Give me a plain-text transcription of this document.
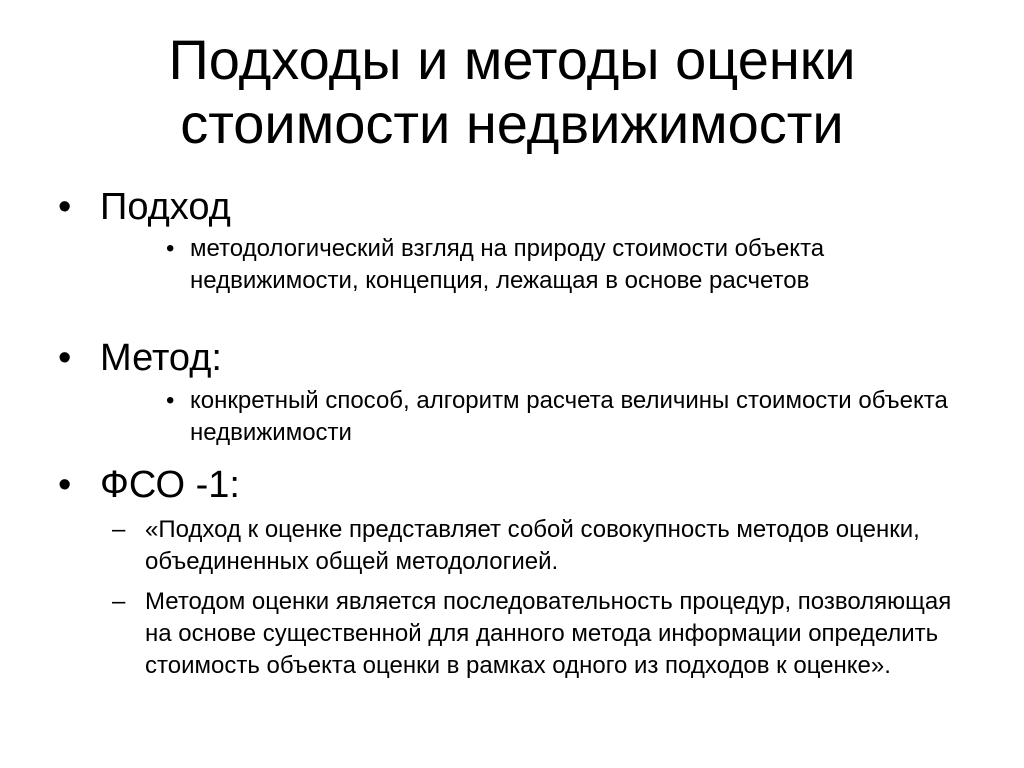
Подходы и методы оценки
стоимости недвижимости
• Подход
• методологический взгляд на природу стоимости объекта недвижимости, концепция, лежащая в основе расчетов
• Метод:
• конкретный способ, алгоритм расчета величины стоимости объекта недвижимости
• ФСО -1:
– «Подход к оценке представляет собой совокупность методов оценки, объединенных общей методологией.
– Методом оценки является последовательность процедур, позволяющая на основе существенной для данного метода информации определить стоимость объекта оценки в рамках одного из подходов к оценке».
